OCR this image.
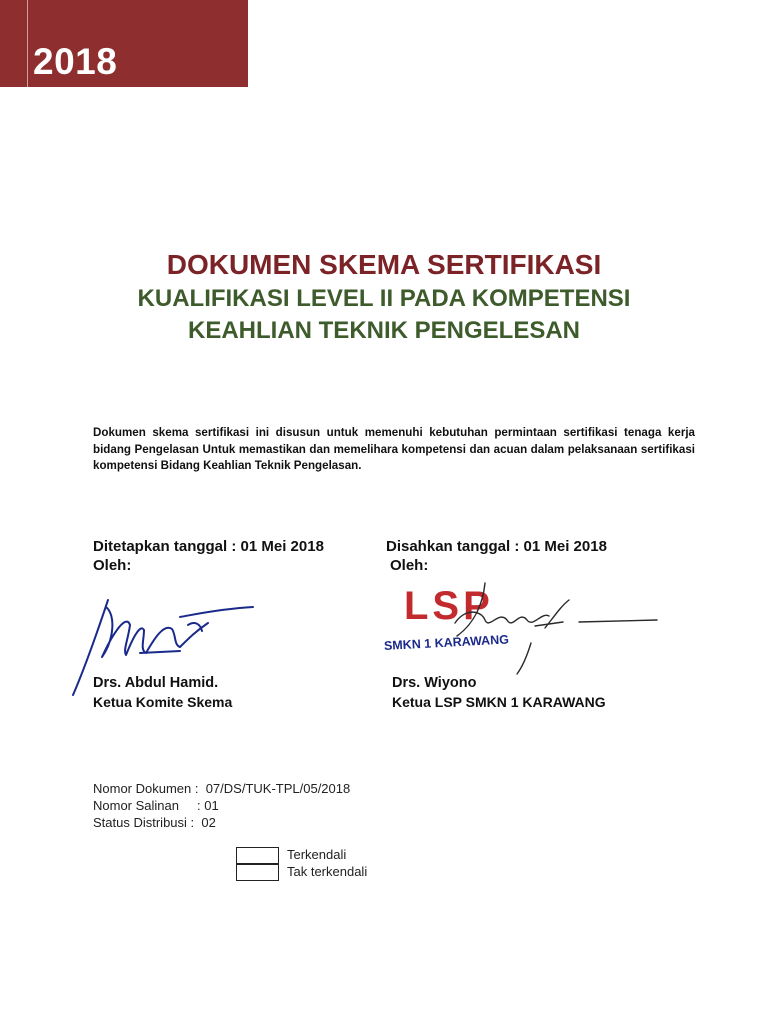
2018
DOKUMEN SKEMA SERTIFIKASI
KUALIFIKASI LEVEL II PADA KOMPETENSI
KEAHLIAN TEKNIK PENGELESAN
Dokumen skema sertifikasi ini disusun untuk memenuhi kebutuhan permintaan sertifikasi tenaga kerja bidang Pengelasan Untuk memastikan dan memelihara kompetensi dan acuan dalam pelaksanaan sertifikasi kompetensi Bidang Keahlian Teknik Pengelasan.
Ditetapkan tanggal : 01 Mei 2018
Oleh:
Drs. Abdul Hamid.
Ketua Komite Skema
Disahkan tanggal : 01 Mei 2018
Oleh:
LSP
SMKN 1 KARAWANG
Drs. Wiyono
Ketua LSP SMKN 1 KARAWANG
Nomor Dokumen :  07/DS/TUK-TPL/05/2018
Nomor Salinan     : 01
Status Distribusi :  02
Terkendali
Tak terkendali
